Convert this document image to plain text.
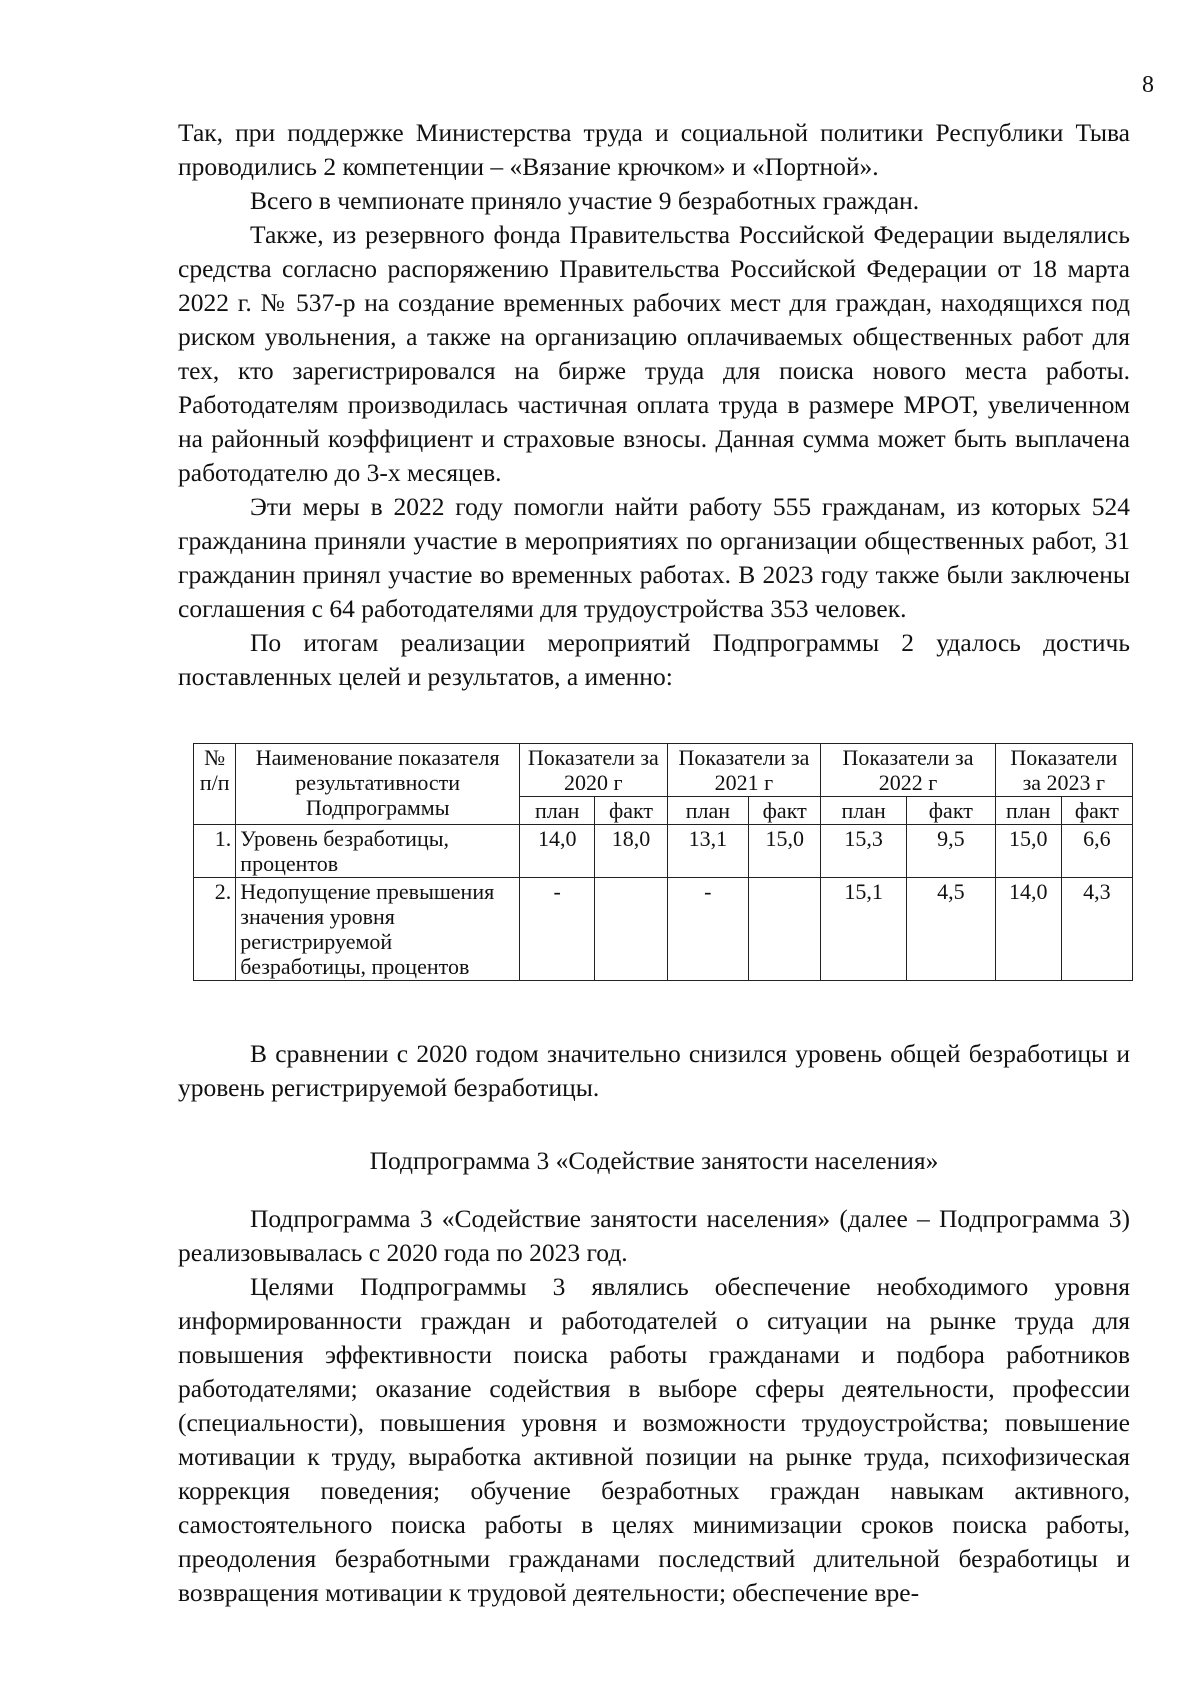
8

Так, при поддержке Министерства труда и социальной политики Республики Тыва проводились 2 компетенции – «Вязание крючком» и «Портной».

Всего в чемпионате приняло участие 9 безработных граждан.

Также, из резервного фонда Правительства Российской Федерации выделялись средства согласно распоряжению Правительства Российской Федерации от 18 марта 2022 г. № 537-р на создание временных рабочих мест для граждан, находящихся под риском увольнения, а также на организацию оплачиваемых общественных работ для тех, кто зарегистрировался на бирже труда для поиска нового места работы. Работодателям производилась частичная оплата труда в размере МРОТ, увеличенном на районный коэффициент и страховые взносы. Данная сумма может быть выплачена работодателю до 3-х месяцев.

Эти меры в 2022 году помогли найти работу 555 гражданам, из которых 524 гражданина приняли участие в мероприятиях по организации общественных работ, 31 гражданин принял участие во временных работах. В 2023 году также были заключены соглашения с 64 работодателями для трудоустройства 353 человек.

По итогам реализации мероприятий Подпрограммы 2 удалось достичь поставленных целей и результатов, а именно:

№ п/п	Наименование показателя результативности Подпрограммы	Показатели за 2020 г		Показатели за 2021 г		Показатели за 2022 г		Показатели за 2023 г	
		план	факт	план	факт	план	факт	план	факт
1.	Уровень безработицы, процентов	14,0	18,0	13,1	15,0	15,3	9,5	15,0	6,6
2.	Недопущение превышения значения уровня регистрируемой безработицы, процентов	-		-		15,1	4,5	14,0	4,3

В сравнении с 2020 годом значительно снизился уровень общей безработицы и уровень регистрируемой безработицы.

Подпрограмма 3 «Содействие занятости населения»

Подпрограмма 3 «Содействие занятости населения» (далее – Подпрограмма 3) реализовывалась с 2020 года по 2023 год.

Целями Подпрограммы 3 являлись обеспечение необходимого уровня информированности граждан и работодателей о ситуации на рынке труда для повышения эффективности поиска работы гражданами и подбора работников работодателями; оказание содействия в выборе сферы деятельности, профессии (специальности), повышения уровня и возможности трудоустройства; повышение мотивации к труду, выработка активной позиции на рынке труда, психофизическая коррекция поведения; обучение безработных граждан навыкам активного, самостоятельного поиска работы в целях минимизации сроков поиска работы, преодоления безработными гражданами последствий длительной безработицы и возвращения мотивации к трудовой деятельности; обеспечение вре-
